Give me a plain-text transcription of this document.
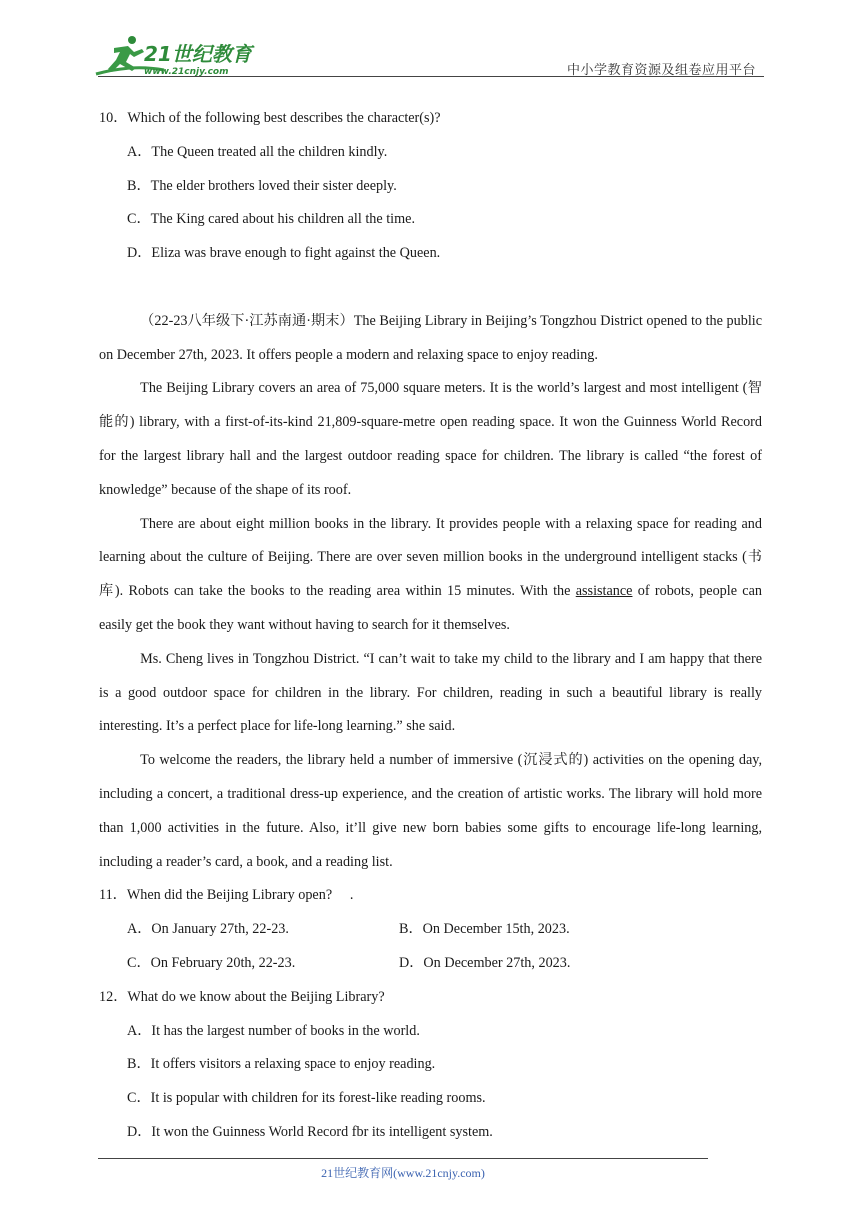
21世纪教育
www.21cnjy.com	中小学教育资源及组卷应用平台
10．Which of the following best describes the character(s)?
A．The Queen treated all the children kindly.
B．The elder brothers loved their sister deeply.
C．The King cared about his children all the time.
D．Eliza was brave enough to fight against the Queen.

（22-23八年级下·江苏南通·期末）The Beijing Library in Beijing’s Tongzhou District opened to the public on December 27th, 2023. It offers people a modern and relaxing space to enjoy reading.

The Beijing Library covers an area of 75,000 square meters. It is the world’s largest and most intelligent (智能的) library, with a first-of-its-kind 21,809-square-metre open reading space. It won the Guinness World Record for the largest library hall and the largest outdoor reading space for children. The library is called “the forest of knowledge” because of the shape of its roof.

There are about eight million books in the library. It provides people with a relaxing space for reading and learning about the culture of Beijing. There are over seven million books in the underground intelligent stacks (书库). Robots can take the books to the reading area within 15 minutes. With the assistance of robots, people can easily get the book they want without having to search for it themselves.

Ms. Cheng lives in Tongzhou District. “I can’t wait to take my child to the library and I am happy that there is a good outdoor space for children in the library. For children, reading in such a beautiful library is really interesting. It’s a perfect place for life-long learning.” she said.

To welcome the readers, the library held a number of immersive (沉浸式的) activities on the opening day, including a concert, a traditional dress-up experience, and the creation of artistic works. The library will hold more than 1,000 activities in the future. Also, it’ll give new born babies some gifts to encourage life-long learning, including a reader’s card, a book, and a reading list.

11．When did the Beijing Library open?　 .
A．On January 27th, 22-23.	B．On December 15th, 2023.
C．On February 20th, 22-23.	D．On December 27th, 2023.
12．What do we know about the Beijing Library?
A．It has the largest number of books in the world.
B．It offers visitors a relaxing space to enjoy reading.
C．It is popular with children for its forest-like reading rooms.
D．It won the Guinness World Record fbr its intelligent system.
21世纪教育网(www.21cnjy.com)
